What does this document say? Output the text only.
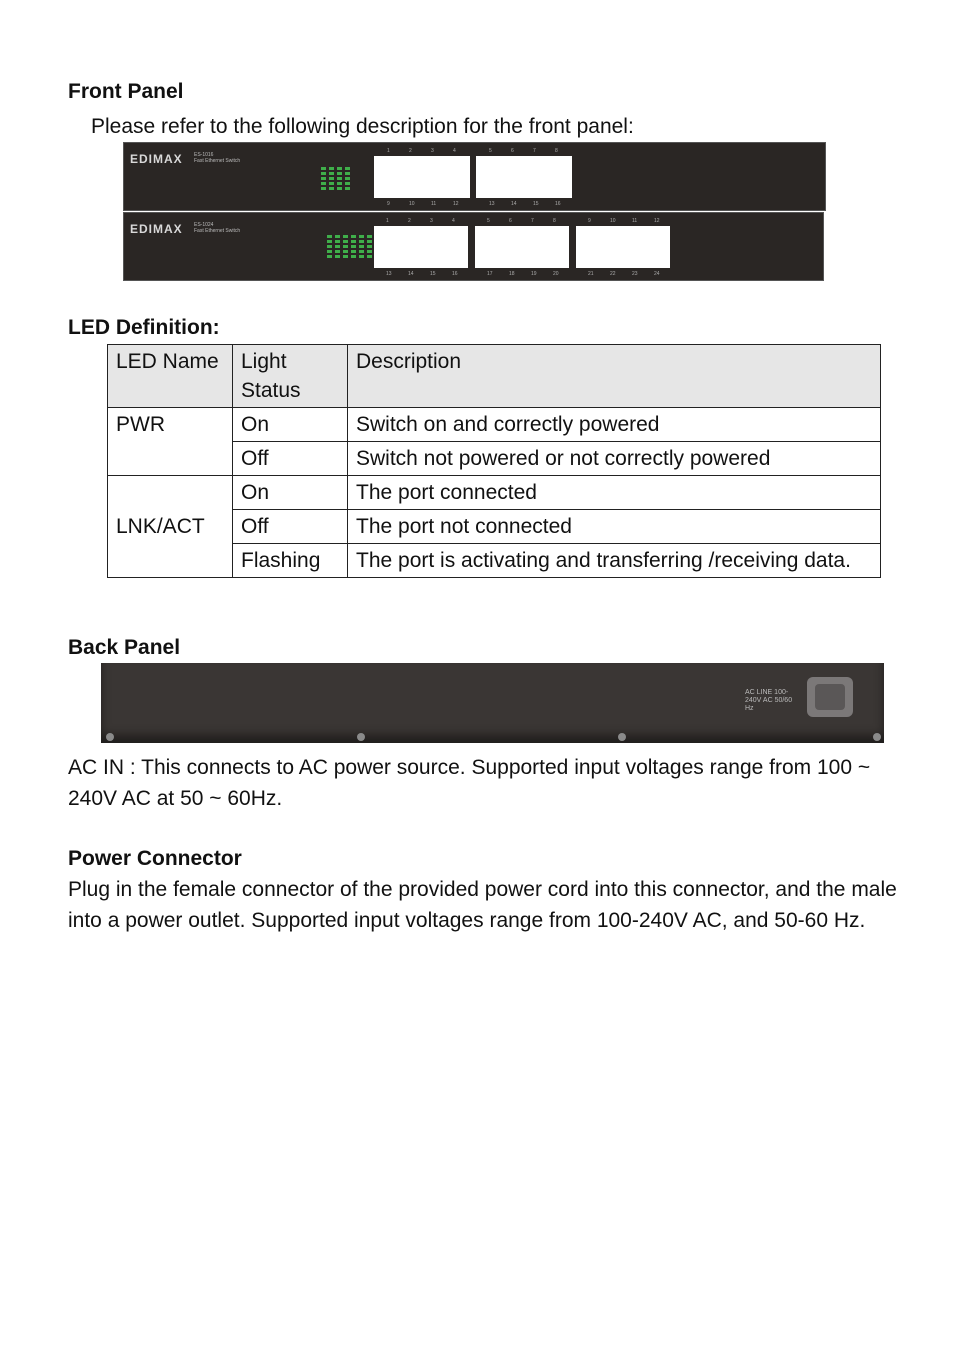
Front Panel
Please refer to the following description for the front panel:
EDIMAX ES-1016
Fast Ethernet Switch
1	2	3	4	5	6	7	8
9	10	11	12	13	14	15	16
EDIMAX ES-1024
Fast Ethernet Switch
1	2	3	4	5	6	7	8	9	10	11	12
13	14	15	16	17	18	19	20	21	22	23	24
LED Definition:
LED Name	Light Status	Description
PWR	On	Switch on and correctly powered
	Off	Switch not powered or not correctly powered
LNK/ACT	On	The port connected
	Off	The port not connected
	Flashing	The port is activating and transferring /receiving data.
Back Panel
AC LINE 100-240V AC 50/60 Hz
AC IN : This connects to AC power source. Supported input voltages range from 100 ~ 240V AC at 50 ~ 60Hz.
Power Connector
Plug in the female connector of the provided power cord into this connector, and the male into a power outlet. Supported input voltages range from 100-240V AC, and 50-60 Hz.
